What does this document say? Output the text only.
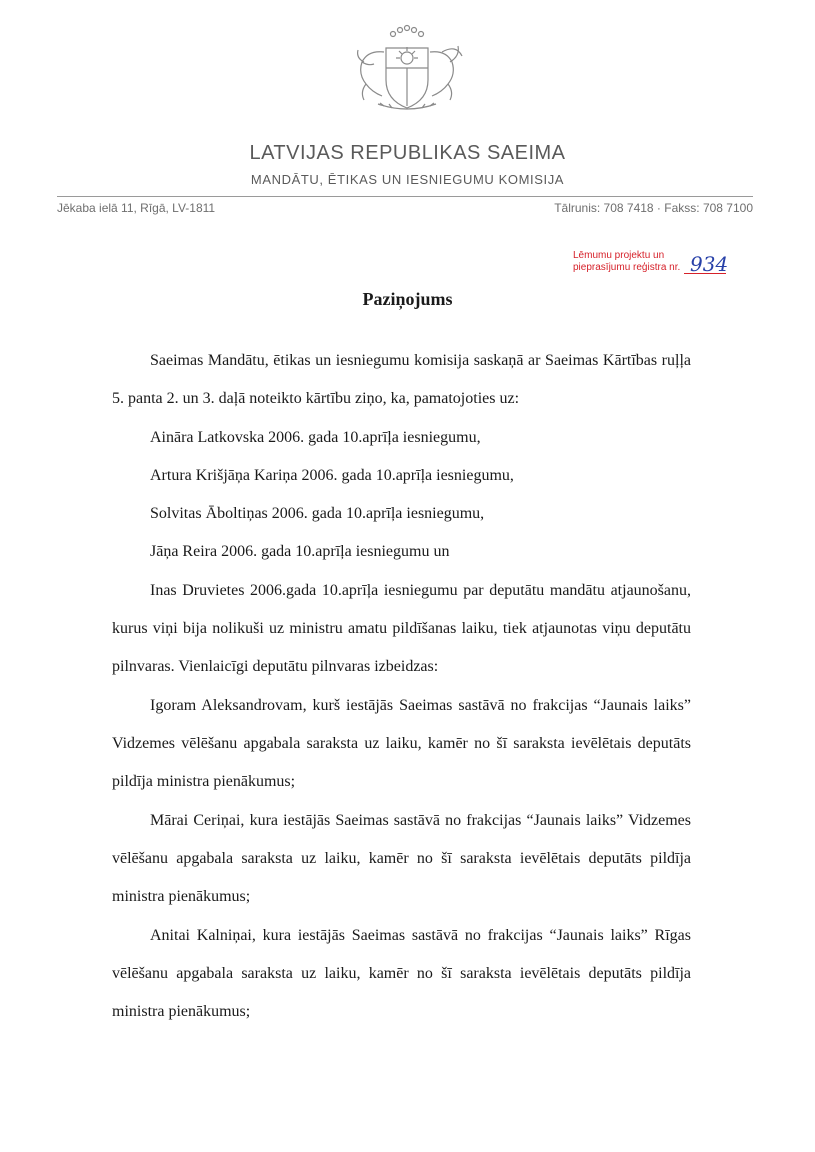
LATVIJAS REPUBLIKAS SAEIMA
MANDĀTU, ĒTIKAS UN IESNIEGUMU KOMISIJA
Jēkaba ielā 11, Rīgā, LV-1811	Tālrunis: 708 7418 · Fakss: 708 7100
Lēmumu projektu un
pieprasījumu reģistra nr. 934
Paziņojums
Saeimas Mandātu, ētikas un iesniegumu komisija saskaņā ar Saeimas Kārtības ruļļa 5. panta 2. un 3. daļā noteikto kārtību ziņo, ka, pamatojoties uz:
Aināra Latkovska 2006. gada 10.aprīļa iesniegumu,
Artura Krišjāņa Kariņa 2006. gada 10.aprīļa iesniegumu,
Solvitas Āboltiņas 2006. gada 10.aprīļa iesniegumu,
Jāņa Reira 2006. gada 10.aprīļa iesniegumu un
Inas Druvietes 2006.gada 10.aprīļa iesniegumu par deputātu mandātu atjaunošanu, kurus viņi bija nolikuši uz ministru amatu pildīšanas laiku, tiek atjaunotas viņu deputātu pilnvaras. Vienlaicīgi deputātu pilnvaras izbeidzas:
Igoram Aleksandrovam, kurš iestājās Saeimas sastāvā no frakcijas “Jaunais laiks” Vidzemes vēlēšanu apgabala saraksta uz laiku, kamēr no šī saraksta ievēlētais deputāts pildīja ministra pienākumus;
Mārai Ceriņai, kura iestājās Saeimas sastāvā no frakcijas “Jaunais laiks” Vidzemes vēlēšanu apgabala saraksta uz laiku, kamēr no šī saraksta ievēlētais deputāts pildīja ministra pienākumus;
Anitai Kalniņai, kura iestājās Saeimas sastāvā no frakcijas “Jaunais laiks” Rīgas vēlēšanu apgabala saraksta uz laiku, kamēr no šī saraksta ievēlētais deputāts pildīja ministra pienākumus;
